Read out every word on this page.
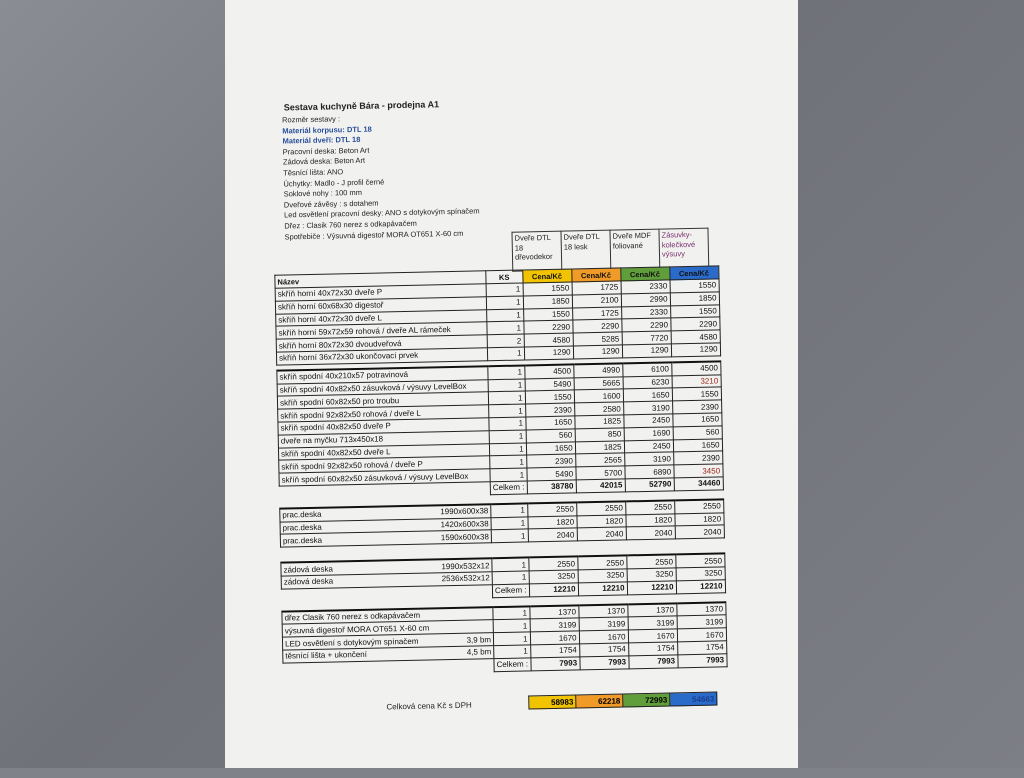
Sestava kuchyně Bára - prodejna A1
Rozměr sestavy :
Materiál korpusu: DTL 18
Materiál dveří: DTL 18
Pracovní deska: Beton Art
Zádová deska: Beton Art
Těsnící lišta: ANO
Úchytky: Madlo - J profil černé
Soklové nohy : 100 mm
Dveřové závěsy : s dotahem
Led osvětlení pracovní desky: ANO s dotykovým spínačem
Dřez : Clasik 760 nerez s odkapávačem
Spotřebiče : Výsuvná digestoř MORA OT651 X-60 cm	Dveře DTL 18 dřevodekor	Dveře DTL 18 lesk	Dveře MDF foliované	Zásuvky-kolečkové výsuvy
Název	KS	Cena/Kč	Cena/Kč	Cena/Kč	Cena/Kč
skříň horní 40x72x30 dveře P	1	1550	1725	2330	1550
skříň horní 60x68x30 digestoř	1	1850	2100	2990	1850
skříň horní 40x72x30 dveře L	1	1550	1725	2330	1550
skříň horní 59x72x59 rohová / dveře AL rámeček	1	2290	2290	2290	2290
skříň horní 80x72x30 dvoudveřová	2	4580	5285	7720	4580
skříň horní 36x72x30 ukončovací prvek	1	1290	1290	1290	1290

skříň spodní 40x210x57 potravinová	1	4500	4990	6100	4500
skříň spodní 40x82x50 zásuvková / výsuvy LevelBox	1	5490	5665	6230	3210
skříň spodní 60x82x50 pro troubu	1	1550	1600	1650	1550
skříň spodní 92x82x50 rohová / dveře L	1	2390	2580	3190	2390
skříň spodní 40x82x50 dveře P	1	1650	1825	2450	1650
dveře na myčku 713x450x18	1	560	850	1690	560
skříň spodní 40x82x50 dveře L	1	1650	1825	2450	1650
skříň spodní 92x82x50 rohová / dveře P	1	2390	2565	3190	2390
skříň spodní 60x82x50 zásuvková / výsuvy LevelBox	1	5490	5700	6890	3450
	Celkem :	38780	42015	52790	34460

prac.deska 1990x600x38	1	2550	2550	2550	2550
prac.deska 1420x600x38	1	1820	1820	1820	1820
prac.deska 1590x600x38	1	2040	2040	2040	2040

zádová deska 1990x532x12	1	2550	2550	2550	2550
zádová deska 2536x532x12	1	3250	3250	3250	3250
	Celkem :	12210	12210	12210	12210

dřez Clasik 760 nerez s odkapávačem	1	1370	1370	1370	1370
výsuvná digestoř MORA OT651 X-60 cm	1	3199	3199	3199	3199
LED osvětlení s dotykovým spínačem 3,9 bm	1	1670	1670	1670	1670
těsnící lišta + ukončení 4,5 bm	1	1754	1754	1754	1754
	Celkem :	7993	7993	7993	7993
Celková cena Kč s DPH	58983	62218	72993	54663
